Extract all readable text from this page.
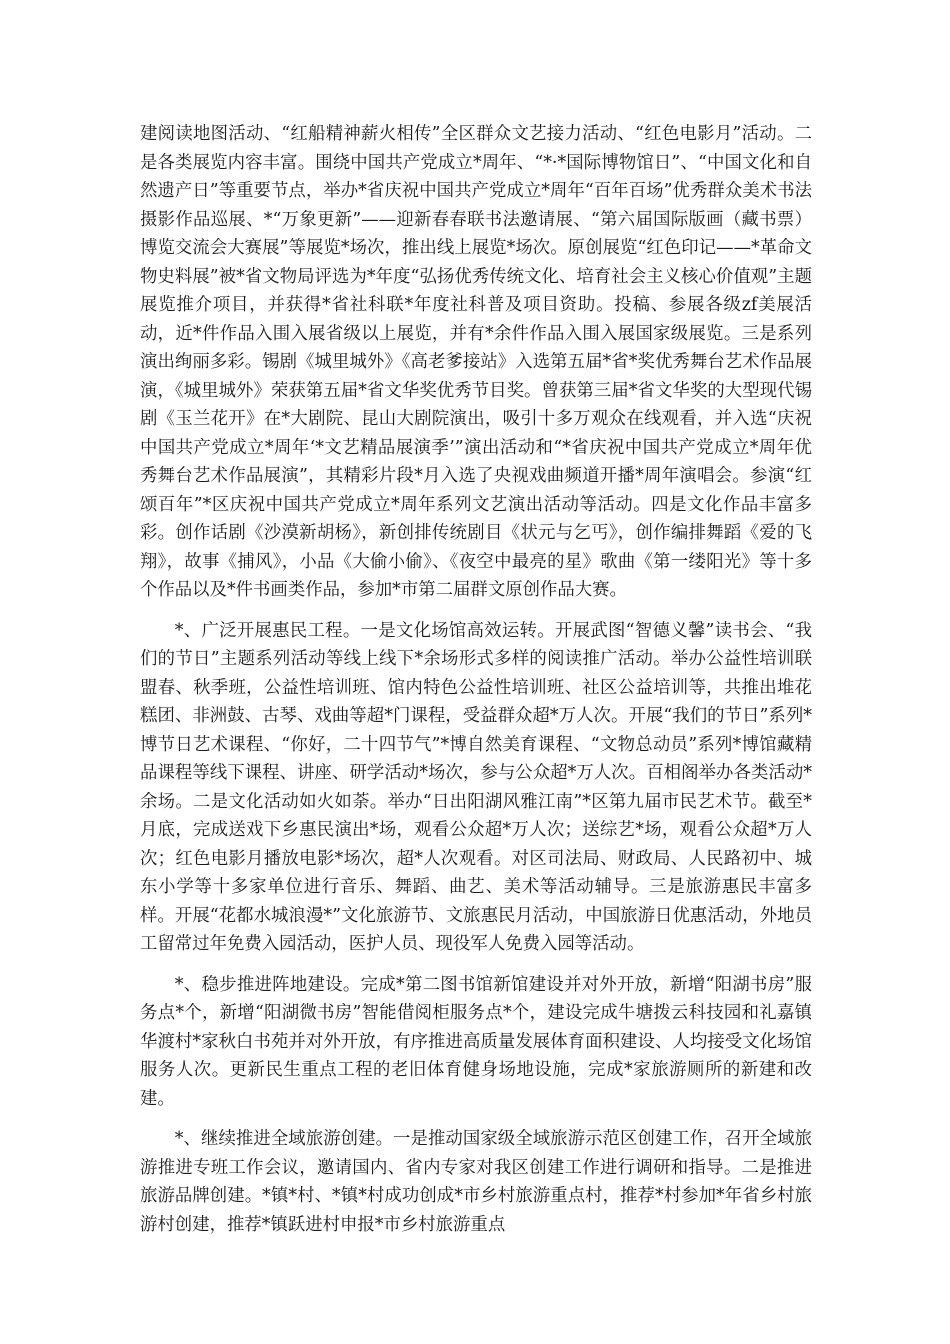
建阅读地图活动、“红船精神薪火相传”全区群众文艺接力活动、“红色电影月”活动。二是各类展览内容丰富。围绕中国共产党成立*周年、“*·*国际博物馆日”、“中国文化和自然遗产日”等重要节点，举办*省庆祝中国共产党成立*周年“百年百场”优秀群众美术书法摄影作品巡展、*“万象更新”——迎新春春联书法邀请展、“第六届国际版画（藏书票）博览交流会大赛展”等展览*场次，推出线上展览*场次。原创展览“红色印记——*革命文物史料展”被*省文物局评选为*年度“弘扬优秀传统文化、培育社会主义核心价值观”主题展览推介项目，并获得*省社科联*年度社科普及项目资助。投稿、参展各级zf美展活动，近*件作品入围入展省级以上展览，并有*余件作品入围入展国家级展览。三是系列演出绚丽多彩。锡剧《城里城外》《高老爹接站》入选第五届*省*奖优秀舞台艺术作品展演，《城里城外》荣获第五届*省文华奖优秀节目奖。曾获第三届*省文华奖的大型现代锡剧《玉兰花开》在*大剧院、昆山大剧院演出，吸引十多万观众在线观看，并入选“庆祝中国共产党成立*周年‘*文艺精品展演季’”演出活动和“*省庆祝中国共产党成立*周年优秀舞台艺术作品展演”，其精彩片段*月入选了央视戏曲频道开播*周年演唱会。参演“红颂百年”*区庆祝中国共产党成立*周年系列文艺演出活动等活动。四是文化作品丰富多彩。创作话剧《沙漠新胡杨》，新创排传统剧目《状元与乞丐》，创作编排舞蹈《爱的飞翔》，故事《捕风》，小品《大偷小偷》、《夜空中最亮的星》歌曲《第一缕阳光》等十多个作品以及*件书画类作品，参加*市第二届群文原创作品大赛。

*、广泛开展惠民工程。一是文化场馆高效运转。开展武图“智德义馨”读书会、“我们的节日”主题系列活动等线上线下*余场形式多样的阅读推广活动。举办公益性培训联盟春、秋季班，公益性培训班、馆内特色公益性培训班、社区公益培训等，共推出堆花糕团、非洲鼓、古琴、戏曲等超*门课程，受益群众超*万人次。开展“我们的节日”系列*博节日艺术课程、“你好，二十四节气”*博自然美育课程、“文物总动员”系列*博馆藏精品课程等线下课程、讲座、研学活动*场次，参与公众超*万人次。百相阁举办各类活动*余场。二是文化活动如火如荼。举办“日出阳湖风雅江南”*区第九届市民艺术节。截至*月底，完成送戏下乡惠民演出*场，观看公众超*万人次；送综艺*场，观看公众超*万人次；红色电影月播放电影*场次，超*人次观看。对区司法局、财政局、人民路初中、城东小学等十多家单位进行音乐、舞蹈、曲艺、美术等活动辅导。三是旅游惠民丰富多样。开展“花都水城浪漫*”文化旅游节、文旅惠民月活动，中国旅游日优惠活动，外地员工留常过年免费入园活动，医护人员、现役军人免费入园等活动。

*、稳步推进阵地建设。完成*第二图书馆新馆建设并对外开放，新增“阳湖书房”服务点*个，新增“阳湖微书房”智能借阅柜服务点*个，建设完成牛塘拨云科技园和礼嘉镇华渡村*家秋白书苑并对外开放，有序推进高质量发展体育面积建设、人均接受文化场馆服务人次。更新民生重点工程的老旧体育健身场地设施，完成*家旅游厕所的新建和改建。

*、继续推进全域旅游创建。一是推动国家级全域旅游示范区创建工作，召开全域旅游推进专班工作会议，邀请国内、省内专家对我区创建工作进行调研和指导。二是推进旅游品牌创建。*镇*村、*镇*村成功创成*市乡村旅游重点村，推荐*村参加*年省乡村旅游村创建，推荐*镇跃进村申报*市乡村旅游重点
